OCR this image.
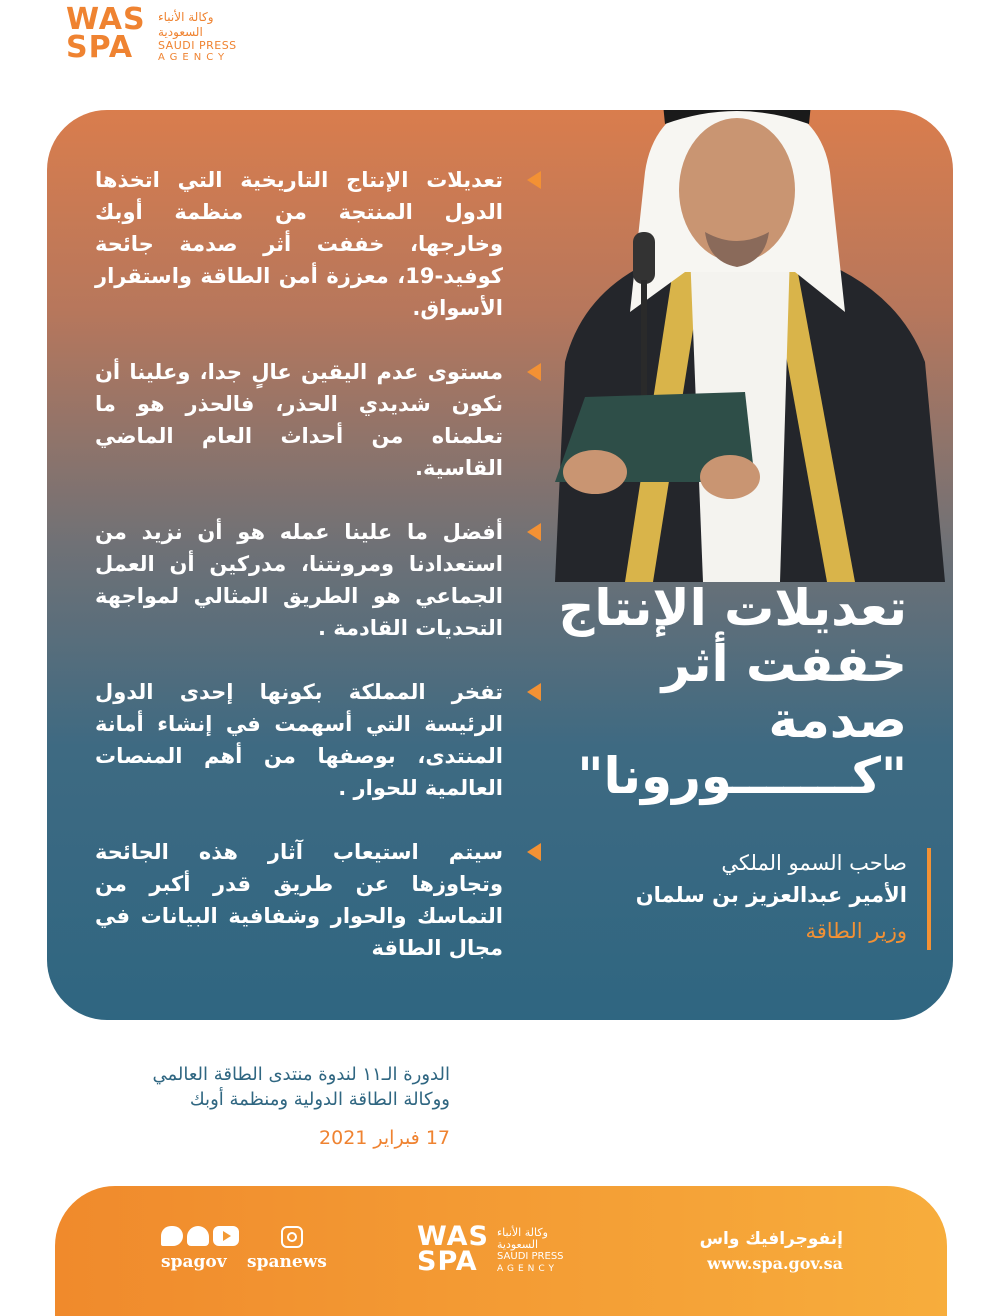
WAS
SPA
وكالة الأنباء
السعودية
SAUDI PRESS
AGENCY
تعديلات الإنتاج التاريخية التي اتخذها الدول المنتجة من منظمة أوبك وخارجها، خففت أثر صدمة جائحة كوفيد-19، معززة أمن الطاقة واستقرار الأسواق.
مستوى عدم اليقين عالٍ جدا، وعلينا أن نكون شديدي الحذر، فالحذر هو ما تعلمناه من أحداث العام الماضي القاسية.
أفضل ما علينا عمله هو أن نزيد من استعدادنا ومرونتنا، مدركين أن العمل الجماعي هو الطريق المثالي لمواجهة التحديات القادمة .
تفخر المملكة بكونها إحدى الدول الرئيسة التي أسهمت في إنشاء أمانة المنتدى، بوصفها من أهم المنصات العالمية للحوار .
سيتم استيعاب آثار هذه الجائحة وتجاوزها عن طريق قدر أكبر من التماسك والحوار وشفافية البيانات في مجال الطاقة
تعديلات الإنتاج
خففت أثر صدمة
"كـــــــورونا"
صاحب السمو الملكي
الأمير عبدالعزيز بن سلمان
وزير الطاقة
الدورة الـ١١ لندوة منتدى الطاقة العالمي
ووكالة الطاقة الدولية ومنظمة أوبك
17 فبراير 2021
spagov spanews
WAS
SPA
وكالة الأنباء
السعودية
SAUDI PRESS
AGENCY
إنفوجرافيك واس
www.spa.gov.sa
